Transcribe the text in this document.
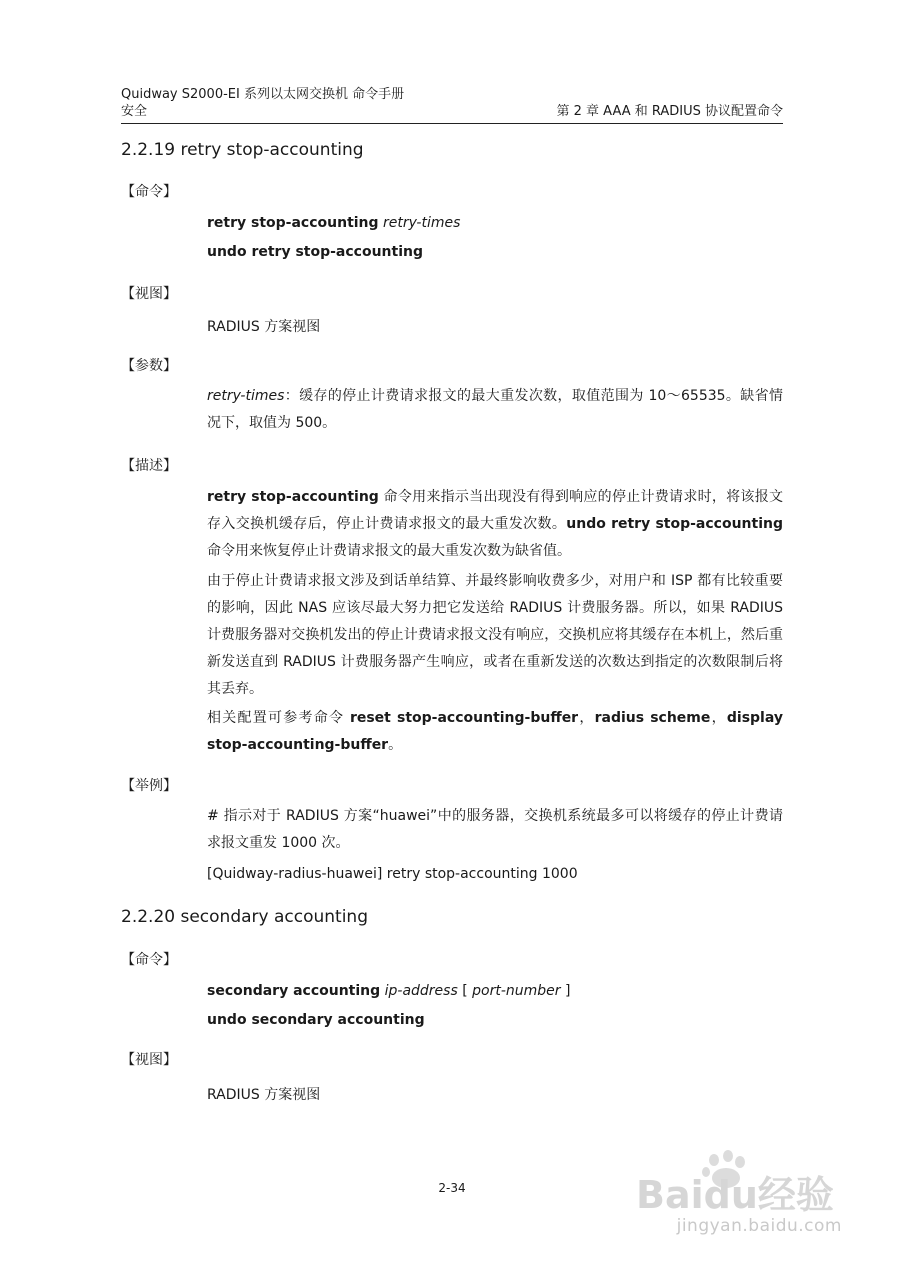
Quidway S2000-EI 系列以太网交换机 命令手册
安全	第 2 章 AAA 和 RADIUS 协议配置命令
2.2.19 retry stop-accounting
【命令】
retry stop-accounting retry-times
undo retry stop-accounting
【视图】
RADIUS 方案视图
【参数】
retry-times：缓存的停止计费请求报文的最大重发次数，取值范围为 10～65535。缺省情况下，取值为 500。
【描述】
retry stop-accounting 命令用来指示当出现没有得到响应的停止计费请求时，将该报文存入交换机缓存后，停止计费请求报文的最大重发次数。undo retry stop-accounting 命令用来恢复停止计费请求报文的最大重发次数为缺省值。
由于停止计费请求报文涉及到话单结算、并最终影响收费多少，对用户和 ISP 都有比较重要的影响，因此 NAS 应该尽最大努力把它发送给 RADIUS 计费服务器。所以，如果 RADIUS 计费服务器对交换机发出的停止计费请求报文没有响应，交换机应将其缓存在本机上，然后重新发送直到 RADIUS 计费服务器产生响应，或者在重新发送的次数达到指定的次数限制后将其丢弃。
相关配置可参考命令 reset stop-accounting-buffer，radius scheme，display stop-accounting-buffer。
【举例】
# 指示对于 RADIUS 方案“huawei”中的服务器，交换机系统最多可以将缓存的停止计费请求报文重发 1000 次。
[Quidway-radius-huawei] retry stop-accounting 1000
2.2.20 secondary accounting
【命令】
secondary accounting ip-address [ port-number ]
undo secondary accounting
【视图】
RADIUS 方案视图
2-34	Baidu经验
jingyan.baidu.com
